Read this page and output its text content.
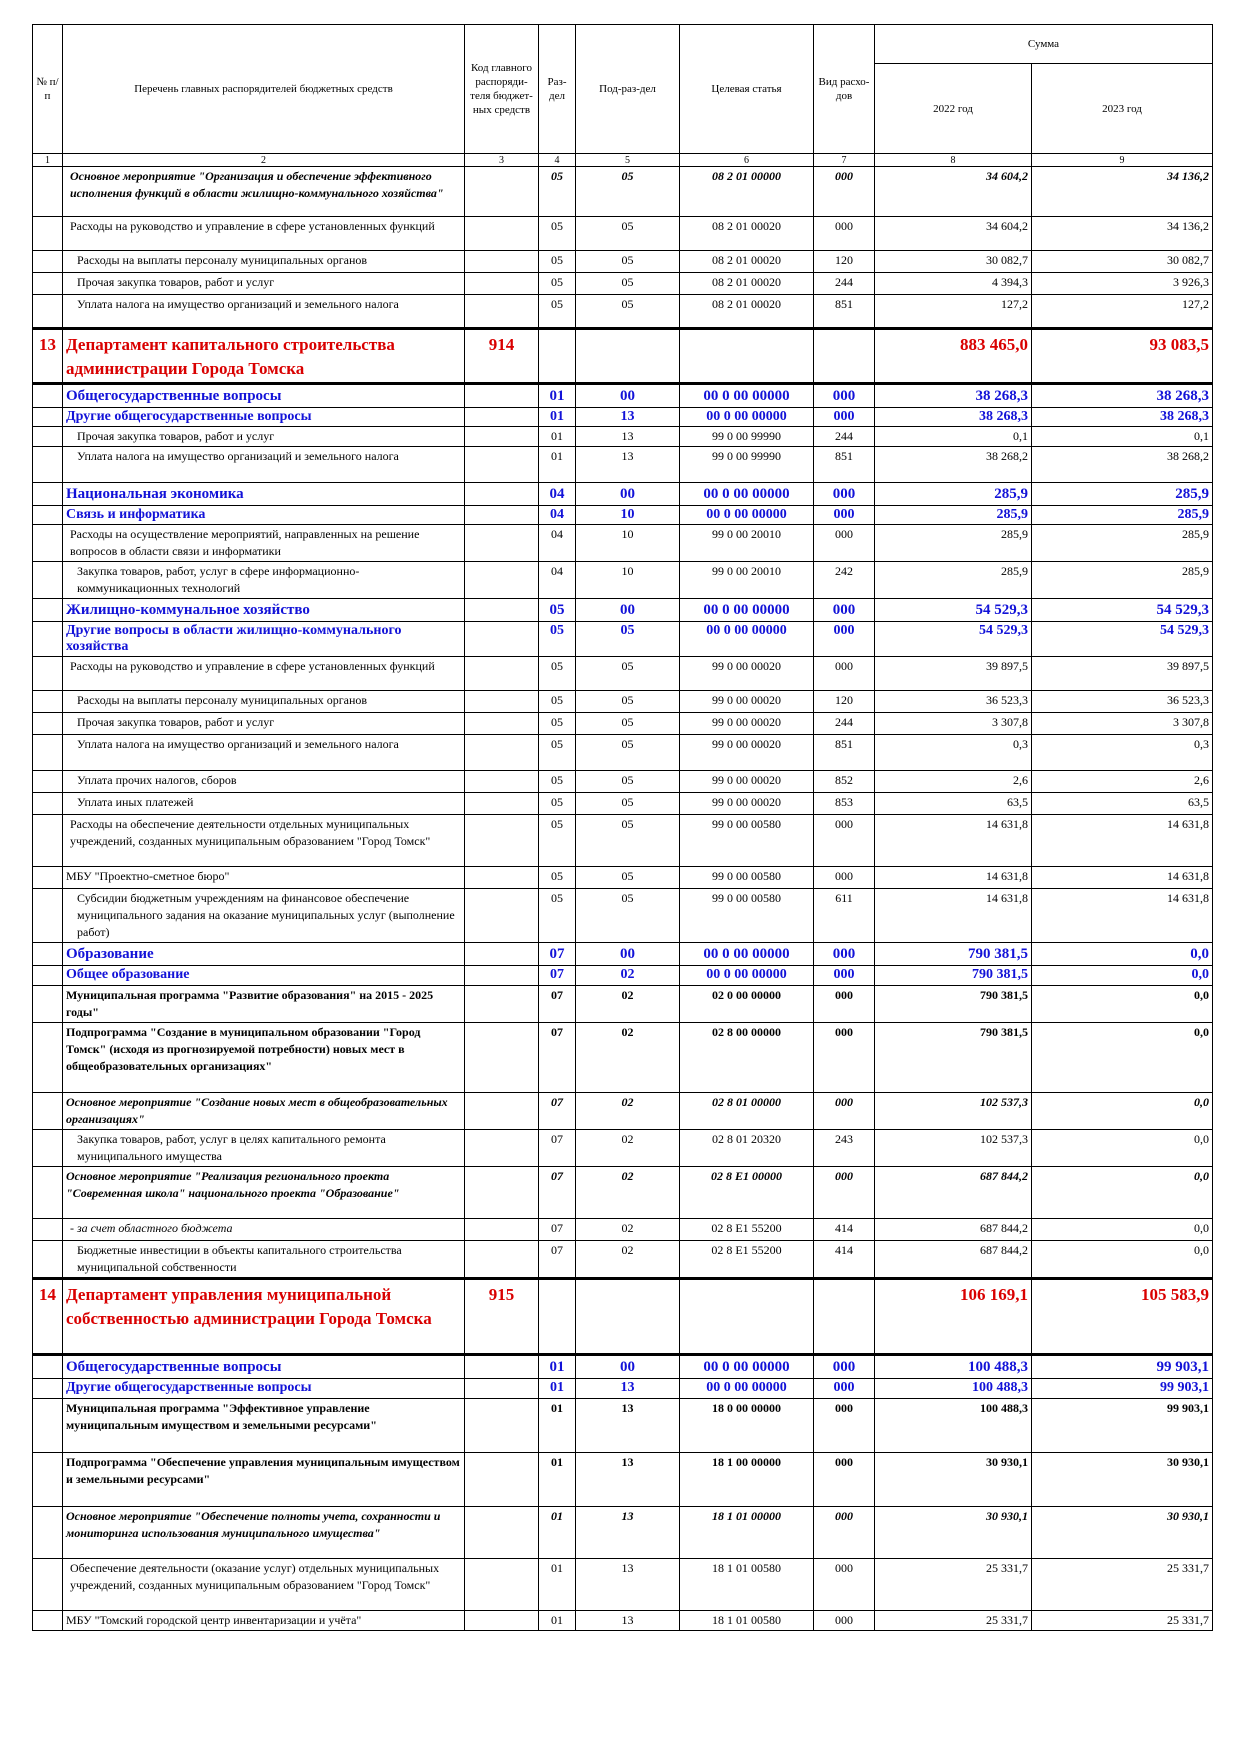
№ п/п	Перечень главных распорядителей бюджетных средств	Код главного распоряди-теля бюджет-ных средств	Раз-дел	Под-раз-дел	Целевая статья	Вид расхо-дов	Сумма	
							2022 год	2023 год
1	2	3	4	5	6	7	8	9
	Основное мероприятие "Организация и обеспечение эффективного исполнения функций в области жилищно-коммунального хозяйства"		05	05	08 2 01 00000	000	34 604,2	34 136,2
	Расходы на руководство и управление в сфере установленных функций		05	05	08 2 01 00020	000	34 604,2	34 136,2
	Расходы на выплаты персоналу муниципальных органов		05	05	08 2 01 00020	120	30 082,7	30 082,7
	Прочая закупка товаров, работ и услуг		05	05	08 2 01 00020	244	4 394,3	3 926,3
	Уплата налога на имущество организаций и земельного налога		05	05	08 2 01 00020	851	127,2	127,2
13	Департамент капитального строительства администрации Города Томска	914					883 465,0	93 083,5
	Общегосударственные вопросы		01	00	00 0 00 00000	000	38 268,3	38 268,3
	Другие общегосударственные вопросы		01	13	00 0 00 00000	000	38 268,3	38 268,3
	Прочая закупка товаров, работ и услуг		01	13	99 0 00 99990	244	0,1	0,1
	Уплата налога на имущество организаций и земельного налога		01	13	99 0 00 99990	851	38 268,2	38 268,2
	Национальная экономика		04	00	00 0 00 00000	000	285,9	285,9
	Связь и информатика		04	10	00 0 00 00000	000	285,9	285,9
	Расходы на осуществление мероприятий, направленных на решение вопросов в области связи и информатики		04	10	99 0 00 20010	000	285,9	285,9
	Закупка товаров, работ, услуг в сфере информационно-коммуникационных технологий		04	10	99 0 00 20010	242	285,9	285,9
	Жилищно-коммунальное хозяйство		05	00	00 0 00 00000	000	54 529,3	54 529,3
	Другие вопросы в области жилищно-коммунального хозяйства		05	05	00 0 00 00000	000	54 529,3	54 529,3
	Расходы на руководство и управление в сфере установленных функций		05	05	99 0 00 00020	000	39 897,5	39 897,5
	Расходы на выплаты персоналу муниципальных органов		05	05	99 0 00 00020	120	36 523,3	36 523,3
	Прочая закупка товаров, работ и услуг		05	05	99 0 00 00020	244	3 307,8	3 307,8
	Уплата налога на имущество организаций и земельного налога		05	05	99 0 00 00020	851	0,3	0,3
	Уплата прочих налогов, сборов		05	05	99 0 00 00020	852	2,6	2,6
	Уплата иных платежей		05	05	99 0 00 00020	853	63,5	63,5
	Расходы на обеспечение деятельности отдельных муниципальных учреждений, созданных муниципальным образованием "Город Томск"		05	05	99 0 00 00580	000	14 631,8	14 631,8
	МБУ "Проектно-сметное бюро"		05	05	99 0 00 00580	000	14 631,8	14 631,8
	Субсидии бюджетным учреждениям на финансовое обеспечение муниципального задания на оказание муниципальных услуг (выполнение работ)		05	05	99 0 00 00580	611	14 631,8	14 631,8
	Образование		07	00	00 0 00 00000	000	790 381,5	0,0
	Общее образование		07	02	00 0 00 00000	000	790 381,5	0,0
	Муниципальная программа "Развитие образования" на 2015 - 2025 годы"		07	02	02 0 00 00000	000	790 381,5	0,0
	Подпрограмма "Создание в муниципальном образовании "Город Томск" (исходя из прогнозируемой потребности) новых мест в общеобразовательных организациях"		07	02	02 8 00 00000	000	790 381,5	0,0
	Основное мероприятие "Создание новых мест в общеобразовательных организациях"		07	02	02 8 01 00000	000	102 537,3	0,0
	Закупка товаров, работ, услуг в целях капитального ремонта муниципального имущества		07	02	02 8 01 20320	243	102 537,3	0,0
	Основное мероприятие "Реализация регионального проекта "Современная школа" национального проекта "Образование"		07	02	02 8 E1 00000	000	687 844,2	0,0
	- за счет областного бюджета		07	02	02 8 E1 55200	414	687 844,2	0,0
	Бюджетные инвестиции в объекты капитального строительства муниципальной собственности		07	02	02 8 E1 55200	414	687 844,2	0,0
14	Департамент управления муниципальной собственностью администрации Города Томска	915					106 169,1	105 583,9
	Общегосударственные вопросы		01	00	00 0 00 00000	000	100 488,3	99 903,1
	Другие общегосударственные вопросы		01	13	00 0 00 00000	000	100 488,3	99 903,1
	Муниципальная программа "Эффективное управление муниципальным имуществом и земельными ресурсами"		01	13	18 0 00 00000	000	100 488,3	99 903,1
	Подпрограмма "Обеспечение управления муниципальным имуществом и земельными ресурсами"		01	13	18 1 00 00000	000	30 930,1	30 930,1
	Основное мероприятие "Обеспечение полноты учета, сохранности и мониторинга использования муниципального имущества"		01	13	18 1 01 00000	000	30 930,1	30 930,1
	Обеспечение деятельности (оказание услуг) отдельных муниципальных учреждений, созданных муниципальным образованием "Город Томск"		01	13	18 1 01 00580	000	25 331,7	25 331,7
	МБУ "Томский городской центр инвентаризации и учёта"		01	13	18 1 01 00580	000	25 331,7	25 331,7
